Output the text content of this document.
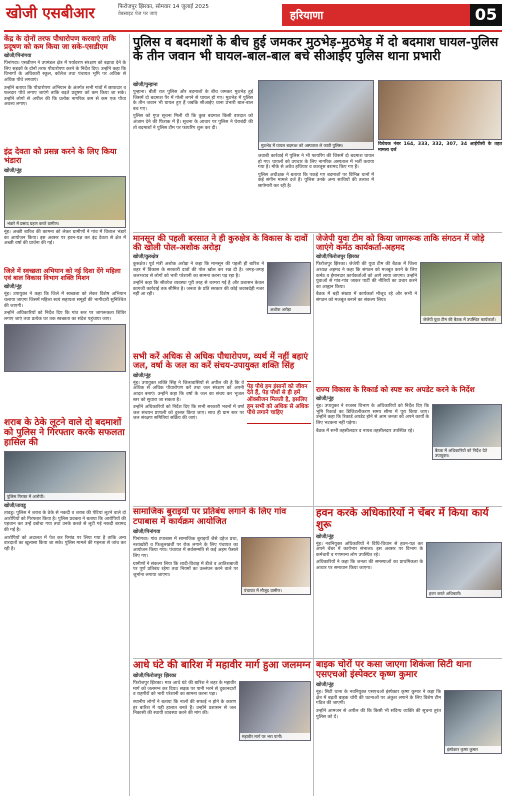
खोजी एसबीआर	फिरोजपुर झिरका, सोमवार 14 जुलाई 2025
वेबसाइट पेज पर जाएं	हरियाणा	05
केंद्र के दोनों तरफ पौधारोपण करवाएं ताकि प्रदूषण को कम किया जा सके-एसडीएम
खोजी/पिनांगवा

पिनांगवा। एसडीएम ने उपमंडल क्षेत्र में पर्यावरण संरक्षण को बढ़ावा देने के लिए सड़कों के दोनों तरफ पौधारोपण करने के निर्देश दिए। उन्होंने कहा कि विभागों के अधिकारी स्कूल, कॉलेज तथा पंचायत भूमि पर अधिक से अधिक पौधे लगवाएं।

उन्होंने बताया कि पौधारोपण अभियान के अंतर्गत सभी गांवों में छायादार व फलदार पौधे लगाए जाएंगे ताकि बढ़ते प्रदूषण को कम किया जा सके। उन्होंने लोगों से अपील की कि प्रत्येक नागरिक कम से कम एक पौधा अवश्य लगाए।

इंद्र देवता को प्रसन्न करने के लिए किया भंडारा
खोजी/नूंह
भंडारे में प्रसाद ग्रहण करते ग्रामीण।

नूंह। अच्छी बारिश की कामना को लेकर ग्रामीणों ने गांव में विशाल भंडारे का आयोजन किया। इस अवसर पर हवन-यज्ञ कर इंद्र देवता से क्षेत्र में अच्छी वर्षा की प्रार्थना की गई।

जिले में स्वच्छता अभियान को नई दिशा देंगे महिला एवं बाल विकास विभाग शक्ति मिशन
खोजी/नूंह

नूंह। उपायुक्त ने कहा कि जिले में स्वच्छता को लेकर विशेष अभियान चलाया जाएगा जिसमें महिला स्वयं सहायता समूहों की भागीदारी सुनिश्चित की जाएगी।

उन्होंने अधिकारियों को निर्देश दिए कि गांव स्तर पर जागरूकता शिविर लगाए जाएं तथा प्रत्येक घर तक स्वच्छता का संदेश पहुंचाया जाए।

शराब के ठेके लूटने वाले दो बदमाशों को पुलिस ने गिरफ्तार करके सफलता हासिल की
पुलिस गिरफ्त में आरोपी।
खोजी/तावडू

तावडू। पुलिस ने शराब के ठेके से नकदी व शराब की पेटियां लूटने वाले दो आरोपियों को गिरफ्तार किया है। पुलिस प्रवक्ता ने बताया कि आरोपियों की पहचान कर उन्हें दबोचा गया तथा उनके कब्जे से लूटी गई नकदी बरामद की गई है।

आरोपियों को अदालत में पेश कर रिमांड पर लिया गया है ताकि अन्य वारदातों का खुलासा किया जा सके। पुलिस मामले की गहनता से जांच कर रही है।

पुलिस व बदमाशों के बीच हुई जमकर मुठभेड़-मुठभेड़ में दो बदमाश घायल-पुलिस के तीन जवान भी घायल-बाल-बाल बचे सीआईए पुलिस थाना प्रभारी
खोजी/पुन्हाना

पुन्हाना। बीती रात पुलिस और बदमाशों के बीच जमकर मुठभेड़ हुई जिसमें दो बदमाश पैर में गोली लगने से घायल हो गए। मुठभेड़ में पुलिस के तीन जवान भी घायल हुए हैं जबकि सीआईए थाना प्रभारी बाल-बाल बच गए।

पुलिस को गुप्त सूचना मिली थी कि कुछ बदमाश किसी वारदात को अंजाम देने की फिराक में हैं। सूचना के आधार पर पुलिस ने घेराबंदी की तो बदमाशों ने पुलिस टीम पर फायरिंग शुरू कर दी।

मुठभेड़ में घायल बदमाश को अस्पताल ले जाती पुलिस।

जवाबी कार्रवाई में पुलिस ने भी फायरिंग की जिसमें दो बदमाश घायल हो गए। घायलों को उपचार के लिए नागरिक अस्पताल में भर्ती कराया गया है। मौके से अवैध हथियार व कारतूस बरामद किए गए हैं।

पुलिस अधीक्षक ने बताया कि पकड़े गए बदमाशों पर विभिन्न थानों में कई संगीन मामले दर्ज हैं। पुलिस उनके अन्य साथियों की तलाश में छापेमारी कर रही है।

विधेयक नंबर 164, 333, 332, 307, 34 आईपीसी के तहत मामला दर्ज
मानसून की पहली बरसात ने ही कुरुक्षेत्र के विकास के दावों की खोली पोल-अशोक अरोड़ा
खोजी/कुरुक्षेत्र

कुरुक्षेत्र। पूर्व मंत्री अशोक अरोड़ा ने कहा कि मानसून की पहली ही बारिश ने शहर में विकास के सरकारी दावों की पोल खोल कर रख दी है। जगह-जगह जलभराव से लोगों को भारी परेशानी का सामना करना पड़ रहा है।

उन्होंने कहा कि सीवरेज व्यवस्था पूरी तरह से चरमरा गई है और प्रशासन केवल कागजी कार्रवाई तक सीमित है। जनता के प्रति सरकार की कोई जवाबदेही नजर नहीं आ रही।

अशोक अरोड़ा
जेजेपी युवा टीम को किया जागरूक ताकि संगठन में जोड़े जाएंगे कर्मठ कार्यकर्ता-अहमद
खोजी/फिरोजपुर झिरका

फिरोजपुर झिरका। जेजेपी की युवा टीम की बैठक में जिला अध्यक्ष अहमद ने कहा कि संगठन को मजबूत करने के लिए कर्मठ व ईमानदार कार्यकर्ताओं को आगे लाया जाएगा। उन्होंने युवाओं से गांव-गांव जाकर पार्टी की नीतियों का प्रचार करने का आह्वान किया।

बैठक में बड़ी संख्या में कार्यकर्ता मौजूद रहे और सभी ने संगठन को मजबूत बनाने का संकल्प लिया।

जेजेपी युवा टीम की बैठक में उपस्थित कार्यकर्ता।
सभी करें अधिक से अधिक पौधारोपण, व्यर्थ में नहीं बहाएं जल, वर्षा के जल का करें संचय-उपायुक्त शक्ति सिंह
खोजी/नूंह

नूंह। उपायुक्त शक्ति सिंह ने जिलावासियों से अपील की है कि वे अधिक से अधिक पौधारोपण करें तथा जल संरक्षण को अपनी आदत बनाएं। उन्होंने कहा कि वर्षा के जल का संचय कर भूजल स्तर को सुधारा जा सकता है।

उन्होंने अधिकारियों को निर्देश दिए कि सभी सरकारी भवनों में वर्षा जल संचयन प्रणाली को दुरुस्त किया जाए। साथ ही ग्राम स्तर पर जल संरक्षण समितियां सक्रिय की जाएं।

पेड़ पौधे हम इंसानों को जीवन देते हैं, पेड़ पौधों से ही हमें ऑक्सीजन मिलती है, इसलिए हम सभी को अधिक से अधिक पौधे लगाने चाहिए
राज्य विकास के रिकार्ड को स्पष्ट कर अपडेट करने के निर्देश
खोजी/नूंह

नूंह। उपायुक्त ने राजस्व विभाग के अधिकारियों को निर्देश दिए कि भूमि रिकार्ड का डिजिटलीकरण समय सीमा में पूरा किया जाए। उन्होंने कहा कि रिकार्ड अपडेट होने से आम जनता को अपने कार्यों के लिए भटकना नहीं पड़ेगा।

बैठक में सभी तहसीलदार व नायब तहसीलदार उपस्थित रहे।

बैठक में अधिकारियों को निर्देश देते उपायुक्त।
सामाजिक बुराइयों पर प्रतिबंध लगाने के लिए गांव टपाबास में कार्यक्रम आयोजित
खोजी/पिनांगवा

पिनांगवा। गांव टपाबास में सामाजिक बुराइयों जैसे दहेज प्रथा, नशाखोरी व फिजूलखर्ची पर रोक लगाने के लिए पंचायत का आयोजन किया गया। पंचायत में सर्वसम्मति से कई अहम फैसले लिए गए।

ग्रामीणों ने संकल्प लिया कि शादी-विवाह में डीजे व आतिशबाजी पर पूर्ण प्रतिबंध रहेगा तथा नियमों का उल्लंघन करने वाले पर जुर्माना लगाया जाएगा।

पंचायत में मौजूद ग्रामीण।
हवन करके अधिकारियों ने चेंबर में किया कार्य शुरू
खोजी/नूंह

नूंह। नवनियुक्त अधिकारियों ने विधि-विधान से हवन-यज्ञ कर अपने चेंबर में कार्यभार संभाला। इस अवसर पर विभाग के कर्मचारी व गणमान्य लोग उपस्थित रहे।

अधिकारियों ने कहा कि जनता की समस्याओं का प्राथमिकता के आधार पर समाधान किया जाएगा।

हवन करते अधिकारी।
आधे घंटे की बारिश में महावीर मार्ग हुआ जलमग्न
खोजी/फिरोजपुर झिरका

फिरोजपुर झिरका। मात्र आधे घंटे की बारिश ने शहर के महावीर मार्ग को जलमग्न कर दिया। सड़क पर पानी भरने से दुकानदारों व राहगीरों को भारी परेशानी का सामना करना पड़ा।

स्थानीय लोगों ने बताया कि नालों की सफाई न होने के कारण हर बारिश में यही हालात बनते हैं। उन्होंने प्रशासन से जल निकासी की स्थायी व्यवस्था करने की मांग की।

महावीर मार्ग पर भरा पानी।
बाइक चोरों पर कसा जाएगा शिकंजा सिटी थाना एसएचओ इंस्पेक्टर कृष्ण कुमार
खोजी/नूंह

नूंह। सिटी थाना के नवनियुक्त एसएचओ इंस्पेक्टर कृष्ण कुमार ने कहा कि क्षेत्र में बढ़ती बाइक चोरी की घटनाओं पर अंकुश लगाने के लिए विशेष टीम गठित की जाएगी।

उन्होंने आमजन से अपील की कि किसी भी संदिग्ध व्यक्ति की सूचना तुरंत पुलिस को दें।

इंस्पेक्टर कृष्ण कुमार
